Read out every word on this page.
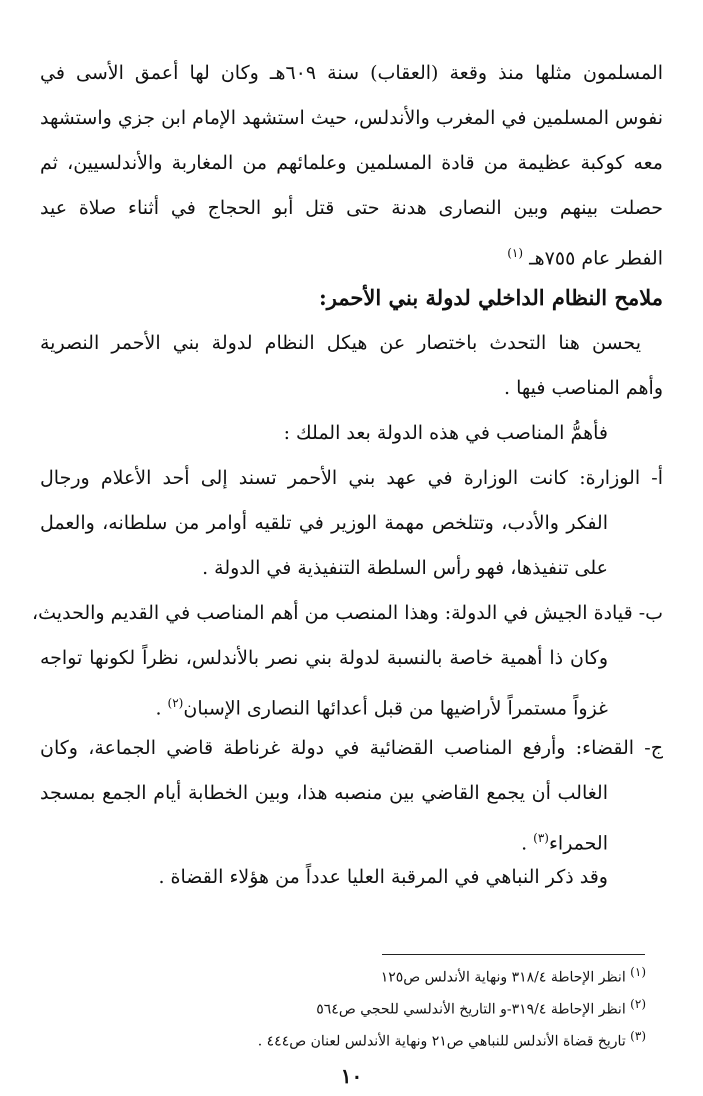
المسلمون مثلها منذ وقعة (العقاب) سنة ٦٠٩هـ وكان لها أعمق الأسى في
نفوس المسلمين في المغرب والأندلس، حيث استشهد الإمام ابن جزي واستشهد
معه كوكبة عظيمة من قادة المسلمين وعلمائهم من المغاربة والأندلسيين، ثم
حصلت بينهم وبين النصارى هدنة حتى قتل أبو الحجاج في أثناء صلاة عيد
الفطر عام ٧٥٥هـ $^{(١)}$
ملامح النظام الداخلي لدولة بني الأحمر:
يحسن هنا التحدث باختصار عن هيكل النظام لدولة بني الأحمر النصرية
وأهم المناصب فيها .
فأهمُّ المناصب في هذه الدولة بعد الملك :
أ- الوزارة: كانت الوزارة في عهد بني الأحمر تسند إلى أحد الأعلام ورجال
الفكر والأدب، وتتلخص مهمة الوزير في تلقيه أوامر من سلطانه، والعمل
على تنفيذها، فهو رأس السلطة التنفيذية في الدولة .
ب- قيادة الجيش في الدولة: وهذا المنصب من أهم المناصب في القديم والحديث،
وكان ذا أهمية خاصة بالنسبة لدولة بني نصر بالأندلس، نظراً لكونها تواجه
غزواً مستمراً لأراضيها من قبل أعدائها النصارى الإسبان$^{(٢)}$ .
ج- القضاء: وأرفع المناصب القضائية في دولة غرناطة قاضي الجماعة، وكان
الغالب أن يجمع القاضي بين منصبه هذا، وبين الخطابة أيام الجمع بمسجد
الحمراء$^{(٣)}$ .
وقد ذكر النباهي في المرقبة العليا عدداً من هؤلاء القضاة .
(١) انظر الإحاطة ٣١٨/٤ ونهاية الأندلس ص١٢٥
(٢) انظر الإحاطة ٣١٩/٤-و التاريخ الأندلسي للحجي ص٥٦٤
(٣) تاريخ قضاة الأندلس للنباهي ص٢١ ونهاية الأندلس لعنان ص٤٤٤ .
١٠
